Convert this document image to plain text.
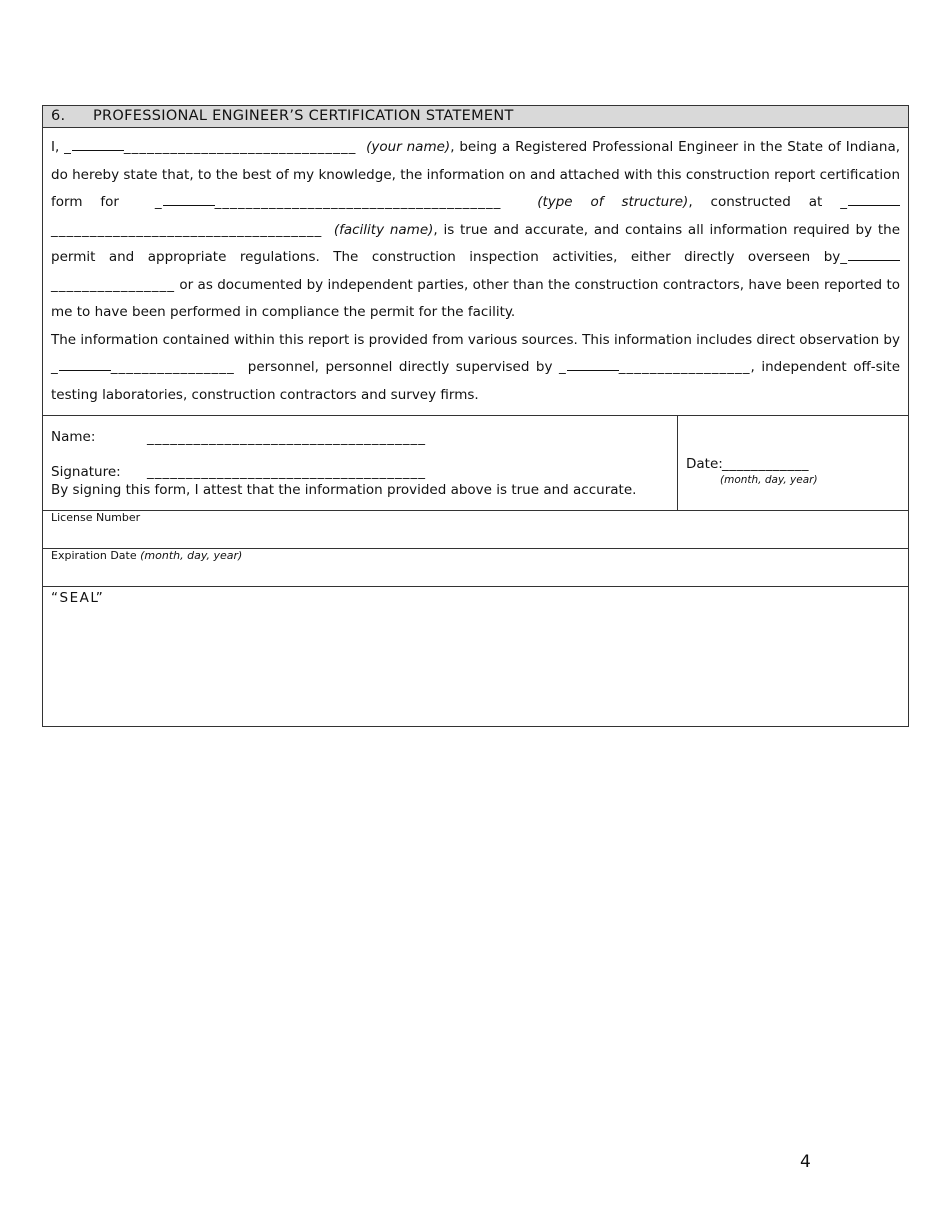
6. PROFESSIONAL ENGINEER’S CERTIFICATION STATEMENT

I, _	______________________________ (your name), being a Registered Professional Engineer in the State of Indiana, do hereby state that, to the best of my knowledge, the information on and attached with this construction report certification form for	_	_____________________________________	(type of structure), constructed at ____________________________________ (facility name), is true and accurate, and contains all information required by the permit and appropriate regulations. The construction inspection activities, either directly overseen by_________________ or as documented by independent parties, other than the construction contractors, have been reported to me to have been performed in compliance the permit for the facility.

The information contained within this report is provided from various sources. This information includes direct observation by _	________________ personnel, personnel directly supervised by _	_________________, independent off-site testing laboratories, construction contractors and survey firms.

Name:	____________________________________
Signature: ____________________________________
By signing this form, I attest that the information provided above is true and accurate.
Date: ____________
(month, day, year)
License Number
Expiration Date (month, day, year)
“SEAL”
4
